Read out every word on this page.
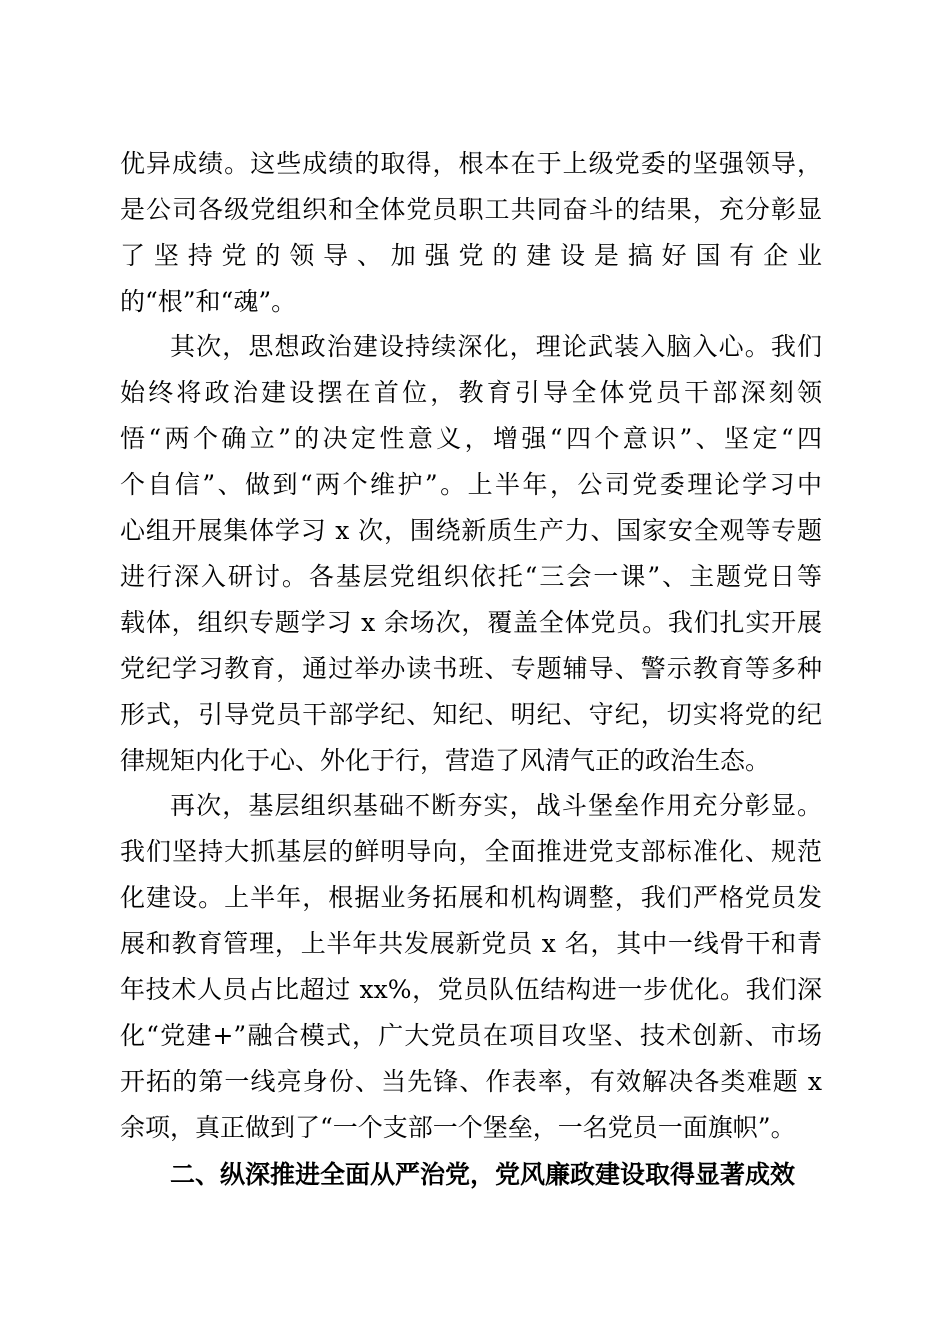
优异成绩。这些成绩的取得，根本在于上级党委的坚强领导，
是公司各级党组织和全体党员职工共同奋斗的结果，充分彰显
了坚持党的领导、加强党的建设是搞好国有企业
的“根”和“魂”。
其次，思想政治建设持续深化，理论武装入脑入心。我们
始终将政治建设摆在首位，教育引导全体党员干部深刻领
悟“两个确立”的决定性意义，增强“四个意识”、坚定“四
个自信”、做到“两个维护”。上半年，公司党委理论学习中
心组开展集体学习 x 次，围绕新质生产力、国家安全观等专题
进行深入研讨。各基层党组织依托“三会一课”、主题党日等
载体，组织专题学习 x 余场次，覆盖全体党员。我们扎实开展
党纪学习教育，通过举办读书班、专题辅导、警示教育等多种
形式，引导党员干部学纪、知纪、明纪、守纪，切实将党的纪
律规矩内化于心、外化于行，营造了风清气正的政治生态。
再次，基层组织基础不断夯实，战斗堡垒作用充分彰显。
我们坚持大抓基层的鲜明导向，全面推进党支部标准化、规范
化建设。上半年，根据业务拓展和机构调整，我们严格党员发
展和教育管理，上半年共发展新党员 x 名，其中一线骨干和青
年技术人员占比超过 xx%，党员队伍结构进一步优化。我们深
化“党建+”融合模式，广大党员在项目攻坚、技术创新、市场
开拓的第一线亮身份、当先锋、作表率，有效解决各类难题 x
余项，真正做到了“一个支部一个堡垒，一名党员一面旗帜”。
二、纵深推进全面从严治党，党风廉政建设取得显著成效
